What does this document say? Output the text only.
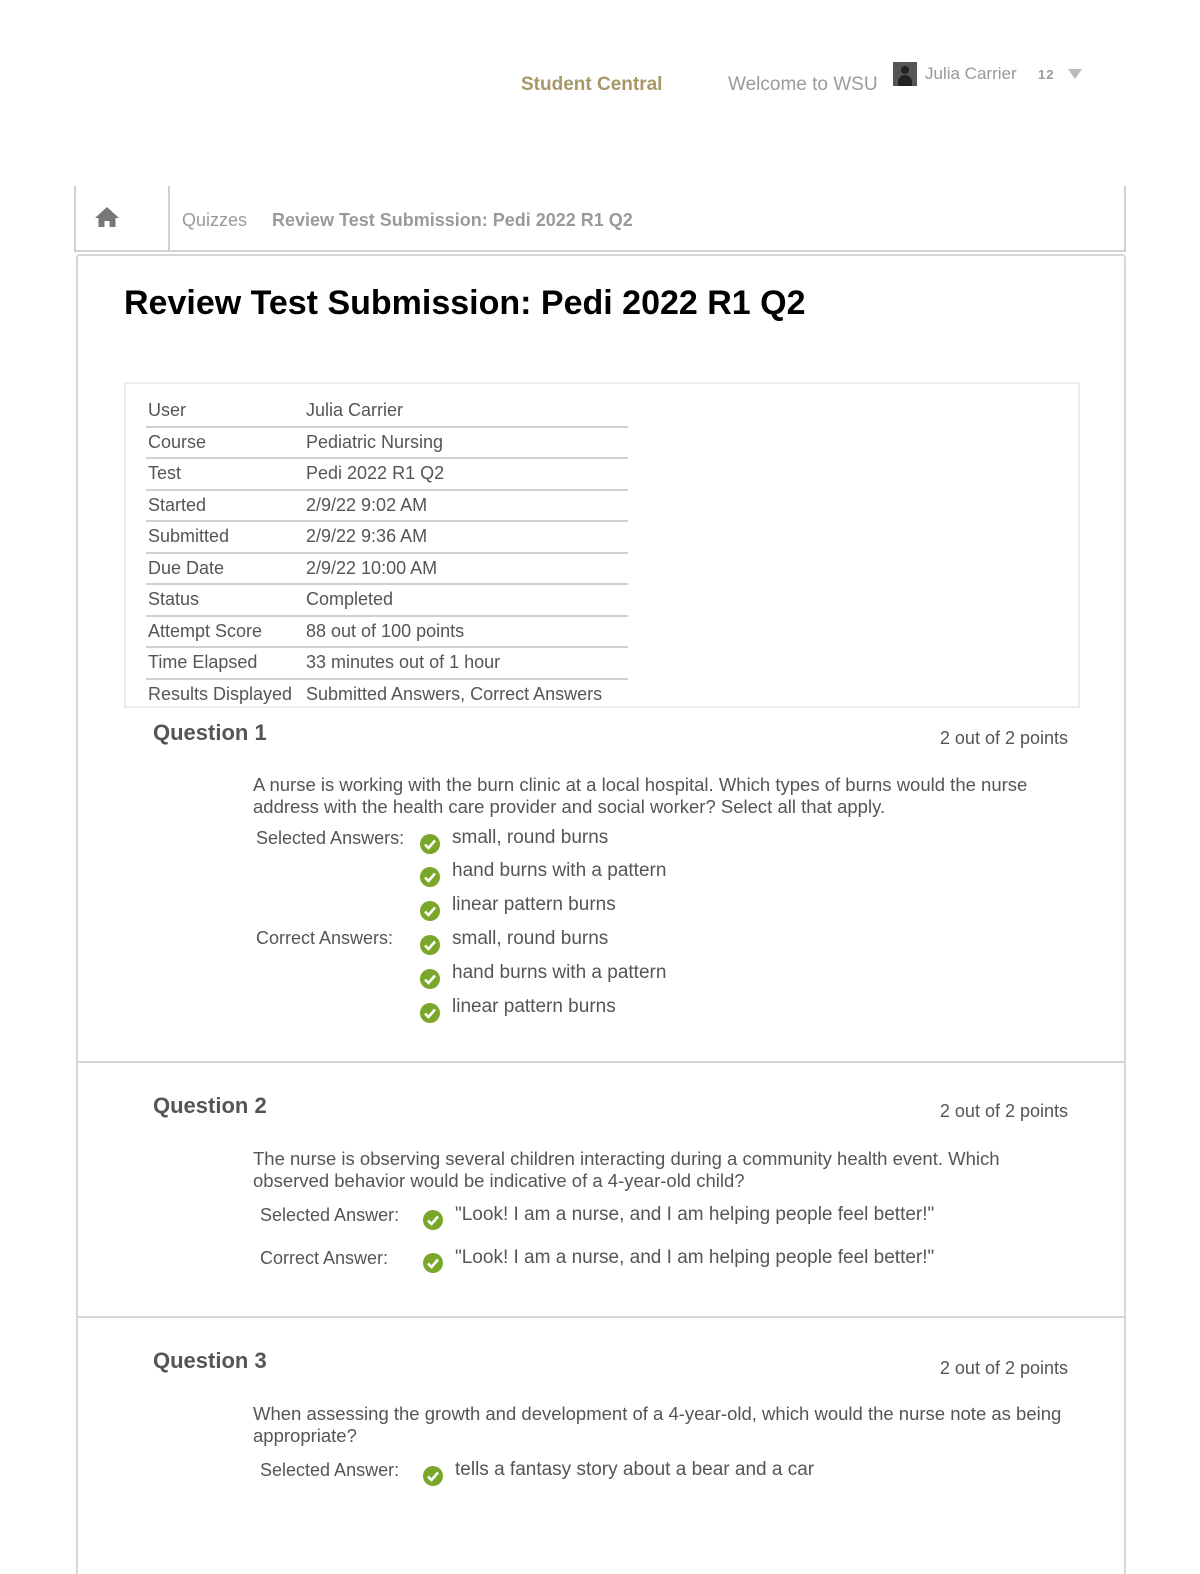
Student Central	Welcome to WSU
Julia Carrier 12
Quizzes Review Test Submission: Pedi 2022 R1 Q2
Review Test Submission: Pedi 2022 R1 Q2
User	Julia Carrier
Course	Pediatric Nursing
Test	Pedi 2022 R1 Q2
Started	2/9/22 9:02 AM
Submitted	2/9/22 9:36 AM
Due Date	2/9/22 10:00 AM
Status	Completed
Attempt Score	88 out of 100 points
Time Elapsed	33 minutes out of 1 hour
Results Displayed	Submitted Answers, Correct Answers
Question 1	2 out of 2 points
A nurse is working with the burn clinic at a local hospital. Which types of burns would the nurse address with the health care provider and social worker? Select all that apply.
Selected Answers:	small, round burns
hand burns with a pattern
linear pattern burns
Correct Answers:	small, round burns
hand burns with a pattern
linear pattern burns
Question 2	2 out of 2 points
The nurse is observing several children interacting during a community health event. Which observed behavior would be indicative of a 4-year-old child?
Selected Answer:	"Look! I am a nurse, and I am helping people feel better!"
Correct Answer:	"Look! I am a nurse, and I am helping people feel better!"
Question 3	2 out of 2 points
When assessing the growth and development of a 4-year-old, which would the nurse note as being appropriate?
Selected Answer:	tells a fantasy story about a bear and a car
